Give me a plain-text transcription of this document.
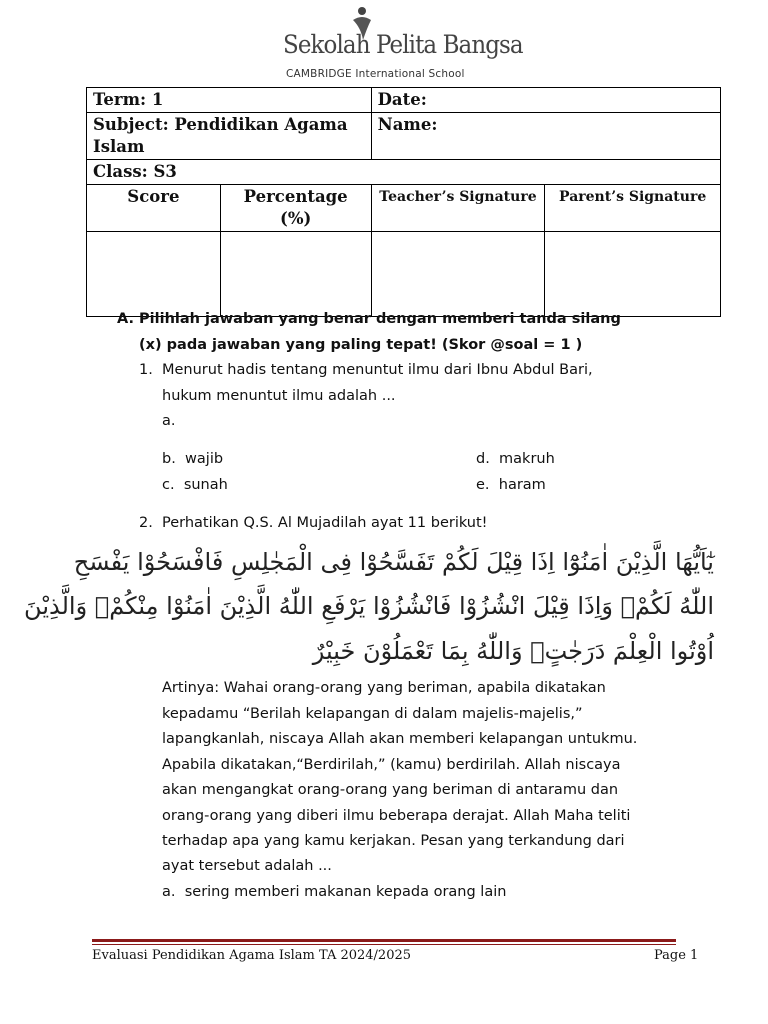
Sekolah Pelita Bangsa
CAMBRIDGE International School
Term: 1		Date:	
Subject: Pendidikan Agama Islam		Name:	
Class: S3			
Score	Percentage (%)	Teacher’s Signature	Parent’s Signature

A. Pilihlah jawaban yang benar dengan memberi tanda silang
(x) pada jawaban yang paling tepat! (Skor @soal = 1 )
1. Menurut hadis tentang menuntut ilmu dari Ibnu Abdul Bari,
hukum menuntut ilmu adalah ...
a.
b. wajib
c. sunah
d. makruh
e. haram
2. Perhatikan Q.S. Al Mujadilah ayat 11 berikut!
يٰٓاَيُّهَا الَّذِيْنَ اٰمَنُوْٓا اِذَا قِيْلَ لَكُمْ تَفَسَّحُوْا فِى الْمَجٰلِسِ فَافْسَحُوْا يَفْسَحِ
اللّٰهُ لَكُمْۚ وَاِذَا قِيْلَ انْشُزُوْا فَانْشُزُوْا يَرْفَعِ اللّٰهُ الَّذِيْنَ اٰمَنُوْا مِنْكُمْۙ وَالَّذِيْنَ
اُوْتُوا الْعِلْمَ دَرَجٰتٍۗ وَاللّٰهُ بِمَا تَعْمَلُوْنَ خَبِيْرٌ
Artinya: Wahai orang-orang yang beriman, apabila dikatakan
kepadamu “Berilah kelapangan di dalam majelis-majelis,”
lapangkanlah, niscaya Allah akan memberi kelapangan untukmu.
Apabila dikatakan,“Berdirilah,” (kamu) berdirilah. Allah niscaya
akan mengangkat orang-orang yang beriman di antaramu dan
orang-orang yang diberi ilmu beberapa derajat. Allah Maha teliti
terhadap apa yang kamu kerjakan. Pesan yang terkandung dari
ayat tersebut adalah ...
a. sering memberi makanan kepada orang lain
Evaluasi Pendidikan Agama Islam TA 2024/2025	Page 1
